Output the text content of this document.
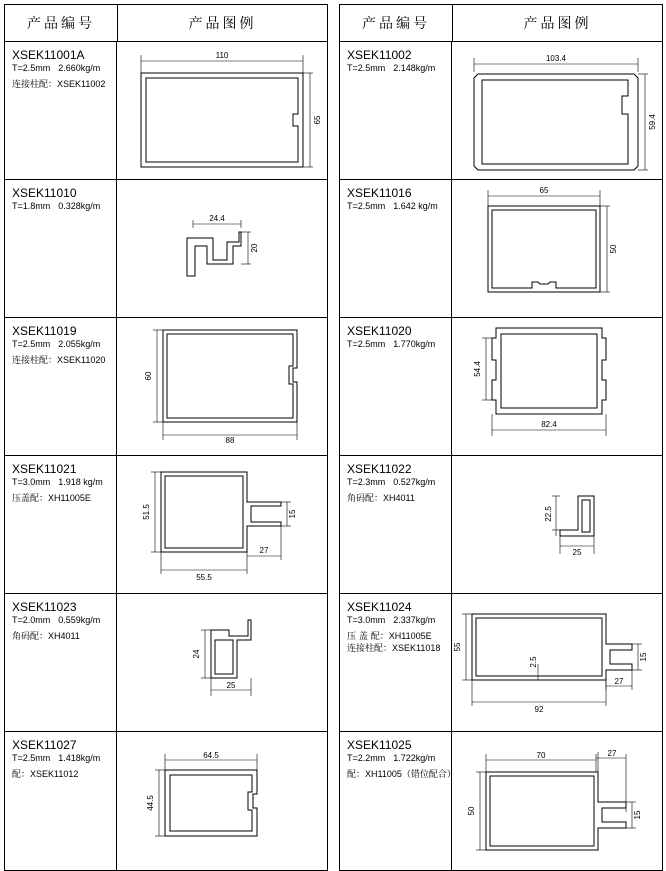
产品编号	产品图例
XSEK11001A
T=2.5mm 2.660kg/m
连接柱配：XSEK11002
110
65
XSEK11010
T=1.8mm 0.328kg/m
24.4
20
XSEK11019
T=2.5mm 2.055kg/m
连接柱配：XSEK11020
60
88
XSEK11021
T=3.0mm 1.918 kg/m
压盖配：XH11005E
51.5	15
27
55.5
XSEK11023
T=2.0mm 0.559kg/m
角码配：XH4011
24
25
XSEK11027
T=2.5mm 1.418kg/m
配：XSEK11012
64.5
44.5
产品编号	产品图例
XSEK11002
T=2.5mm 2.148kg/m
103.4
59.4
XSEK11016
T=2.5mm 1.642 kg/m
65
50
XSEK11020
T=2.5mm 1.770kg/m
54.4
82.4
XSEK11022
T=2.3mm 0.527kg/m
角码配：XH4011
22.5
25
XSEK11024
T=3.0mm 2.337kg/m
压 盖 配：XH11005E
连接柱配：XSEK11018	55
15
2.5
27
92
XSEK11025
T=2.2mm 1.722kg/m
配：XH11005（错位配合）
27
70
50	15
